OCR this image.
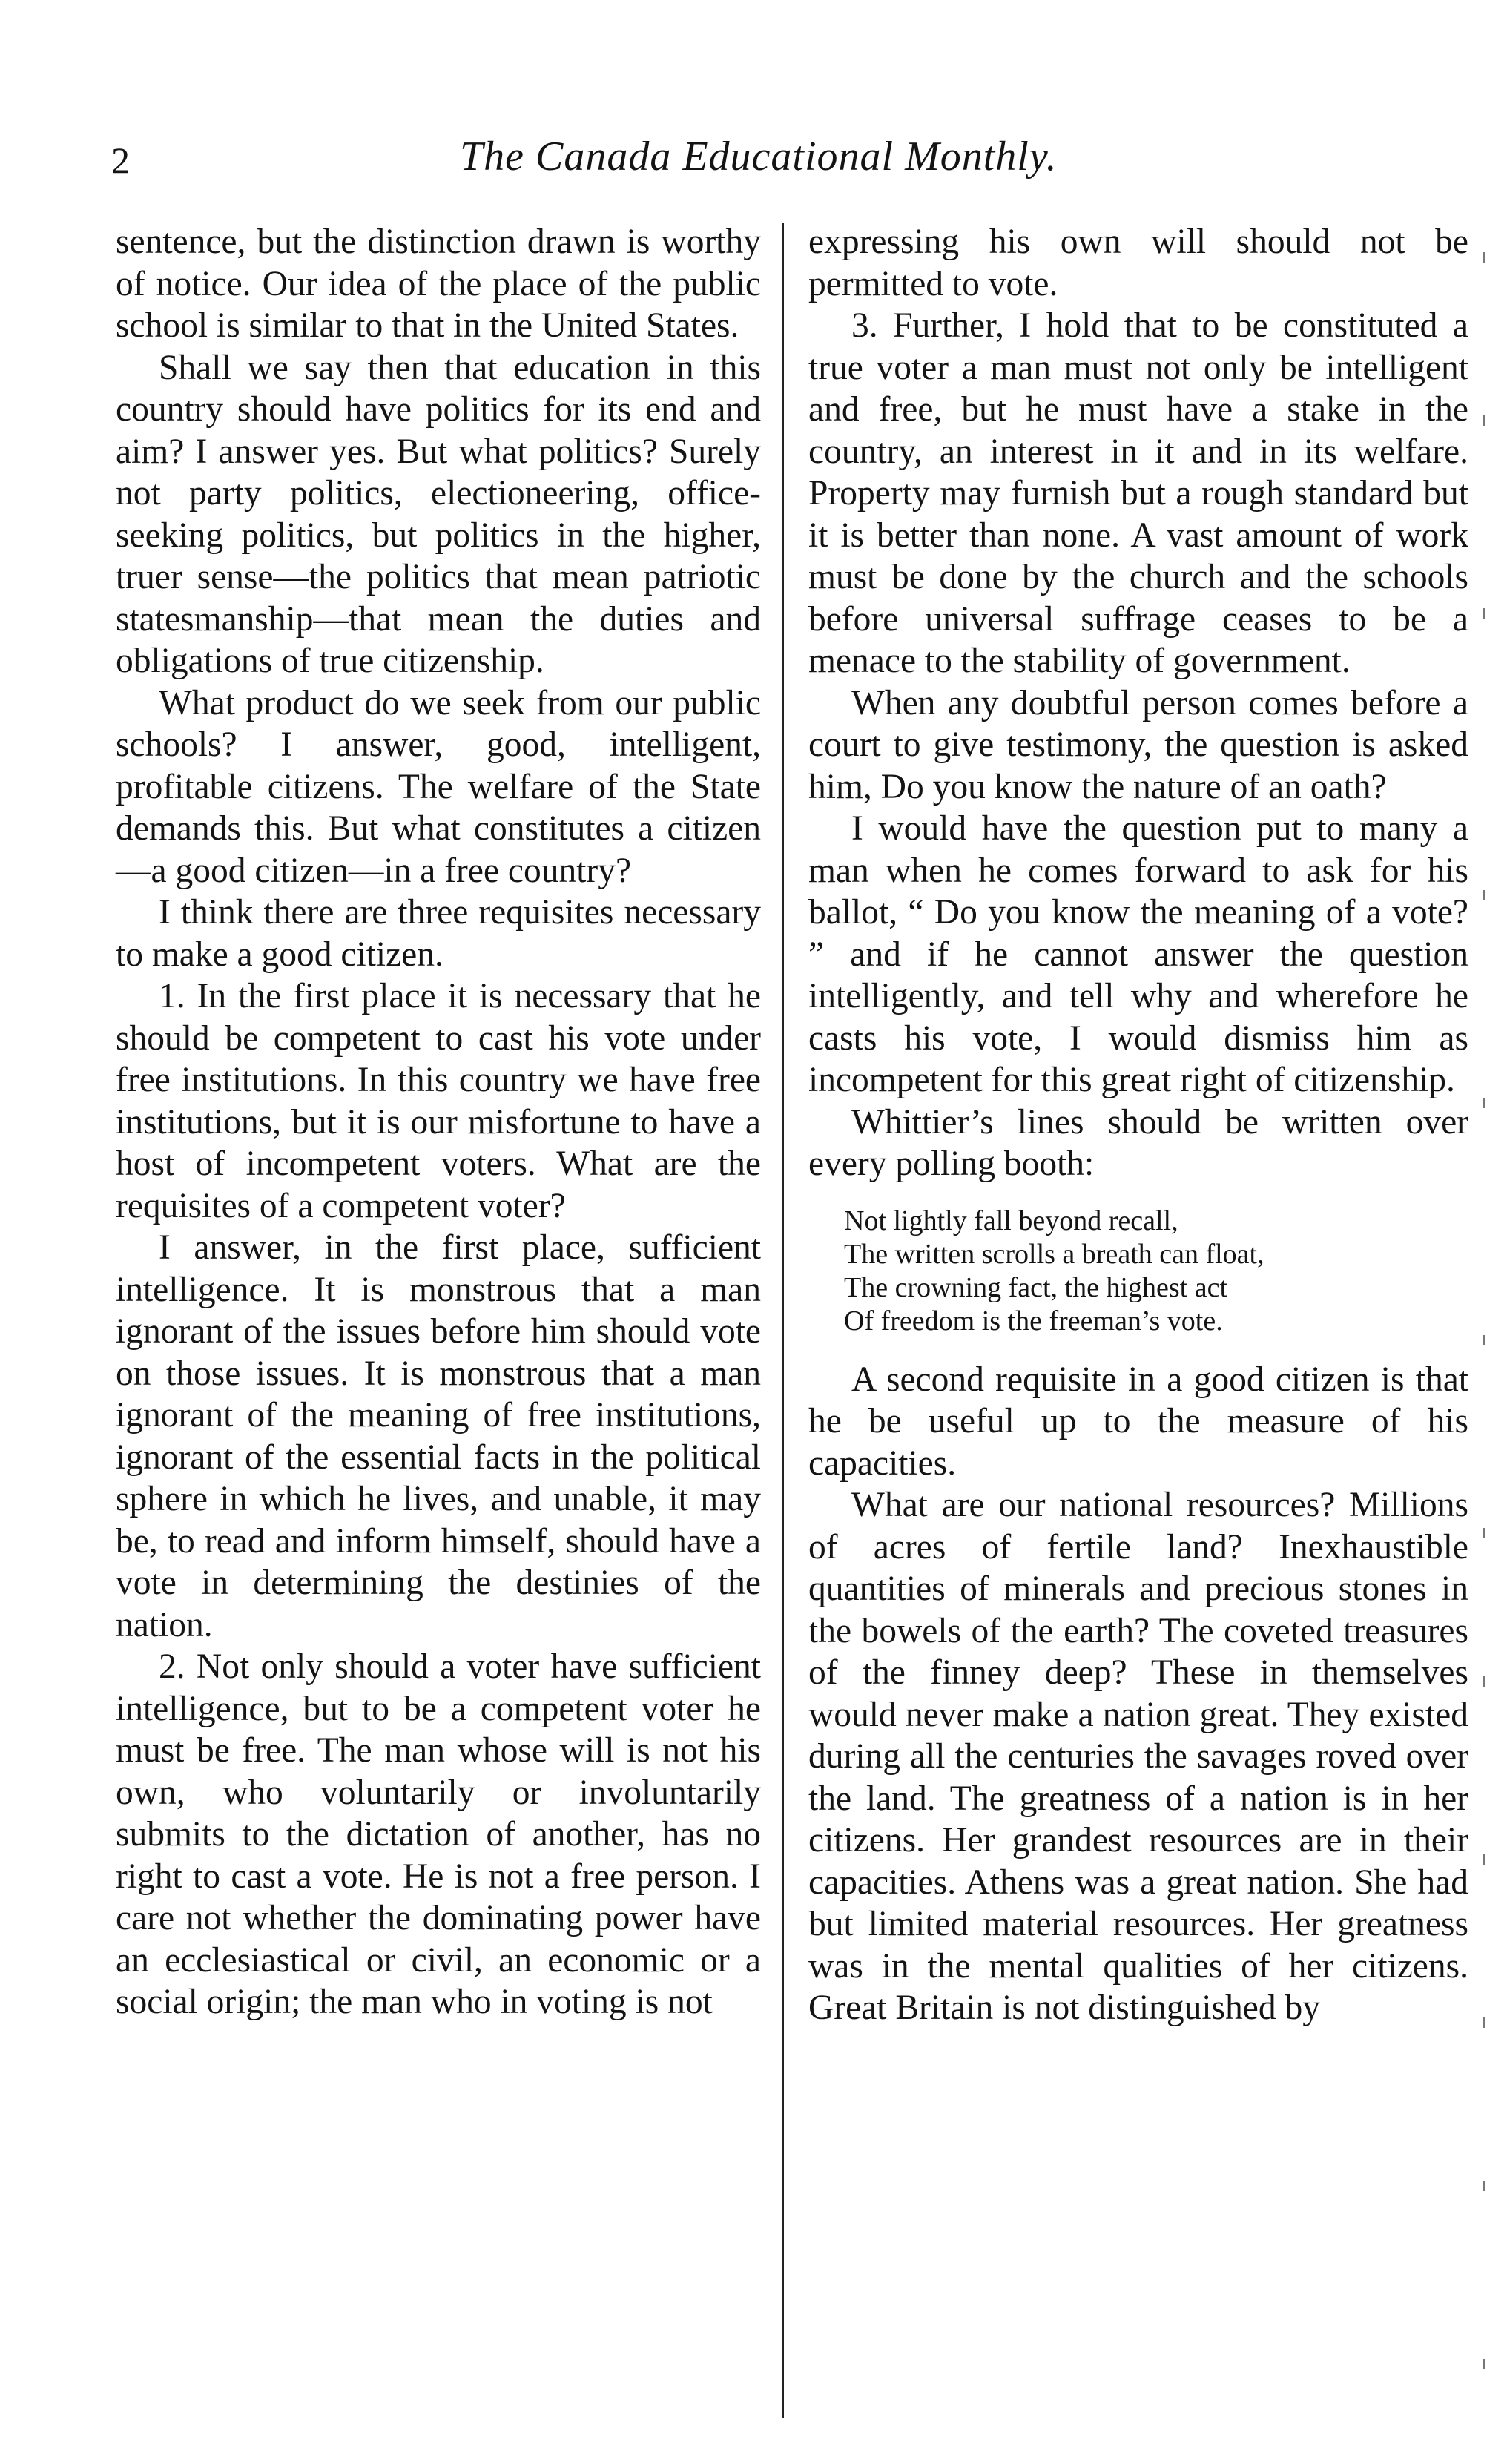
2	The Canada Educational Monthly.

sentence, but the distinction drawn is worthy of notice. Our idea of the place of the public school is similar to that in the United States.

Shall we say then that education in this country should have politics for its end and aim? I answer yes. But what politics? Surely not party politics, electioneering, office-seeking politics, but politics in the higher, truer sense—the politics that mean patriotic statesmanship—that mean the duties and obligations of true citizenship.

What product do we seek from our public schools? I answer, good, intelligent, profitable citizens. The welfare of the State demands this. But what constitutes a citizen—a good citizen—in a free country?

I think there are three requisites necessary to make a good citizen.

1. In the first place it is necessary that he should be competent to cast his vote under free institutions. In this country we have free institutions, but it is our misfortune to have a host of incompetent voters. What are the requisites of a competent voter?

I answer, in the first place, sufficient intelligence. It is monstrous that a man ignorant of the issues before him should vote on those issues. It is monstrous that a man ignorant of the meaning of free institutions, ignorant of the essential facts in the political sphere in which he lives, and unable, it may be, to read and inform himself, should have a vote in determining the destinies of the nation.

2. Not only should a voter have sufficient intelligence, but to be a competent voter he must be free. The man whose will is not his own, who voluntarily or involuntarily submits to the dictation of another, has no right to cast a vote. He is not a free person. I care not whether the dominating power have an ecclesiastical or civil, an economic or a social origin; the man who in voting is not

expressing his own will should not be permitted to vote.

3. Further, I hold that to be constituted a true voter a man must not only be intelligent and free, but he must have a stake in the country, an interest in it and in its welfare. Property may furnish but a rough standard but it is better than none. A vast amount of work must be done by the church and the schools before universal suffrage ceases to be a menace to the stability of government.

When any doubtful person comes before a court to give testimony, the question is asked him, Do you know the nature of an oath?

I would have the question put to many a man when he comes forward to ask for his ballot, “ Do you know the meaning of a vote? ” and if he cannot answer the question intelligently, and tell why and wherefore he casts his vote, I would dismiss him as incompetent for this great right of citizenship.

Whittier’s lines should be written over every polling booth:

Not lightly fall beyond recall,
The written scrolls a breath can float,
The crowning fact, the highest act
Of freedom is the freeman’s vote.

A second requisite in a good citizen is that he be useful up to the measure of his capacities.

What are our national resources? Millions of acres of fertile land? Inexhaustible quantities of minerals and precious stones in the bowels of the earth? The coveted treasures of the finney deep? These in themselves would never make a nation great. They existed during all the centuries the savages roved over the land. The greatness of a nation is in her citizens. Her grandest resources are in their capacities. Athens was a great nation. She had but limited material resources. Her greatness was in the mental qualities of her citizens. Great Britain is not distinguished by
